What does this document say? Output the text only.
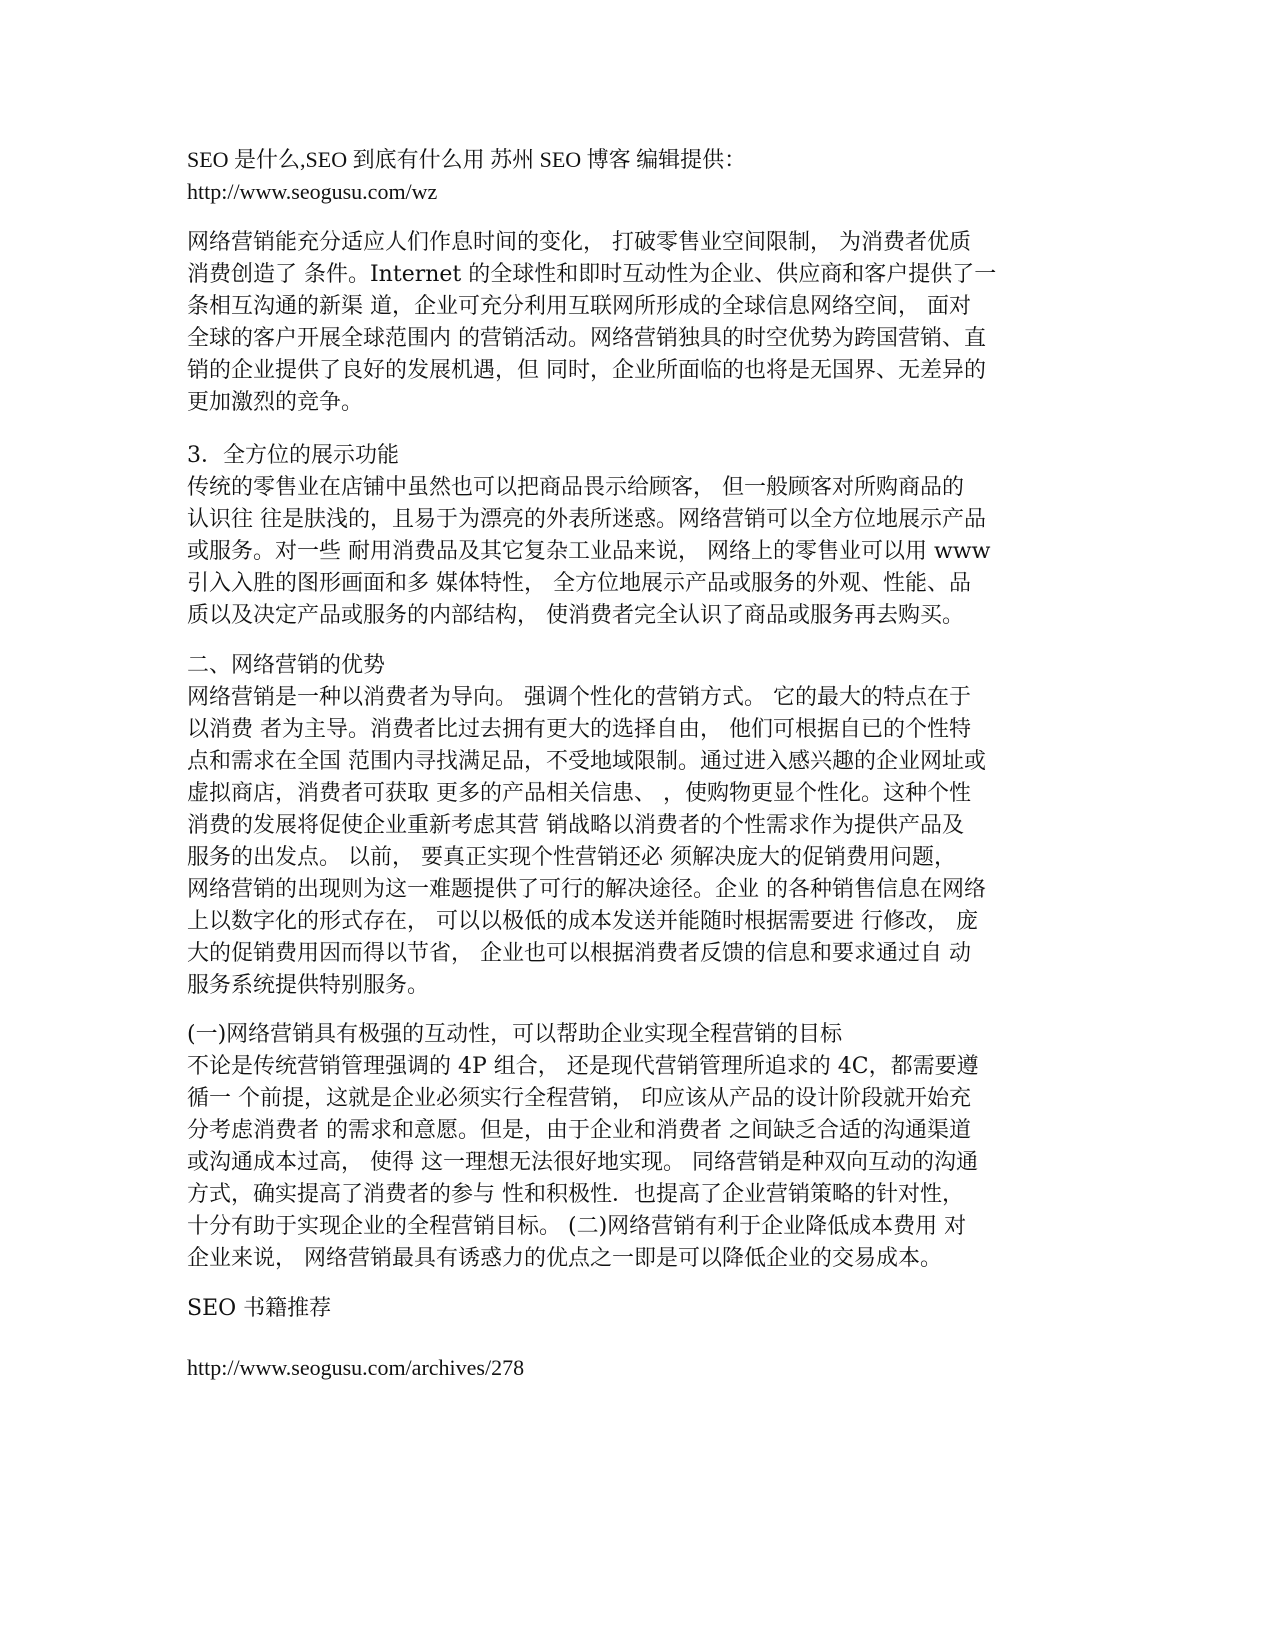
SEO 是什么,SEO 到底有什么用 苏州 SEO 博客 编辑提供：

http://www.seogusu.com/wz

网络营销能充分适应人们作息时间的变化， 打破零售业空间限制， 为消费者优质

消费创造了 条件。Internet 的全球性和即时互动性为企业、供应商和客户提供了一

条相互沟通的新渠 道，企业可充分利用互联网所形成的全球信息网络空间， 面对

全球的客户开展全球范围内 的营销活动。网络营销独具的时空优势为跨国营销、直

销的企业提供了良好的发展机遇，但 同时，企业所面临的也将是无国界、无差异的

更加激烈的竞争。

3．全方位的展示功能

传统的零售业在店铺中虽然也可以把商品畏示给顾客， 但一般顾客对所购商品的

认识往 往是肤浅的，且易于为漂亮的外表所迷惑。网络营销可以全方位地展示产品

或服务。对一些 耐用消费品及其它复杂工业品来说， 网络上的零售业可以用 www

引入入胜的图形画面和多 媒体特性， 全方位地展示产品或服务的外观、性能、品

质以及决定产品或服务的内部结构， 使消费者完全认识了商品或服务再去购买。

二、网络营销的优势

网络营销是一种以消费者为导向。 强调个性化的营销方式。 它的最大的特点在于

以消费 者为主导。消费者比过去拥有更大的选择自由， 他们可根据自已的个性特

点和需求在全国 范围内寻找满足品，不受地域限制。通过进入感兴趣的企业网址或

虚拟商店，消费者可获取 更多的产品相关信患、 ，使购物更显个性化。这种个性

消费的发展将促使企业重新考虑其营 销战略以消费者的个性需求作为提供产品及

服务的出发点。 以前， 要真正实现个性营销还必 须解决庞大的促销费用问题，

网络营销的出现则为这一难题提供了可行的解决途径。企业 的各种销售信息在网络

上以数字化的形式存在， 可以以极低的成本发送并能随时根据需要进 行修改， 庞

大的促销费用因而得以节省， 企业也可以根据消费者反馈的信息和要求通过自 动

服务系统提供特别服务。

(一)网络营销具有极强的互动性，可以帮助企业实现全程营销的目标

不论是传统营销管理强调的 4P 组合， 还是现代营销管理所追求的 4C，都需要遵

循一 个前提，这就是企业必须实行全程营销， 印应该从产品的设计阶段就开始充

分考虑消费者 的需求和意愿。但是，由于企业和消费者 之间缺乏合适的沟通渠道

或沟通成本过高， 使得 这一理想无法很好地实现。 同络营销是种双向互动的沟通

方式，确实提高了消费者的参与 性和积极性．也提高了企业营销策略的针对性，

十分有助于实现企业的全程营销目标。 (二)网络营销有利于企业降低成本费用 对

企业来说， 网络营销最具有诱惑力的优点之一即是可以降低企业的交易成本。

SEO 书籍推荐

http://www.seogusu.com/archives/278
